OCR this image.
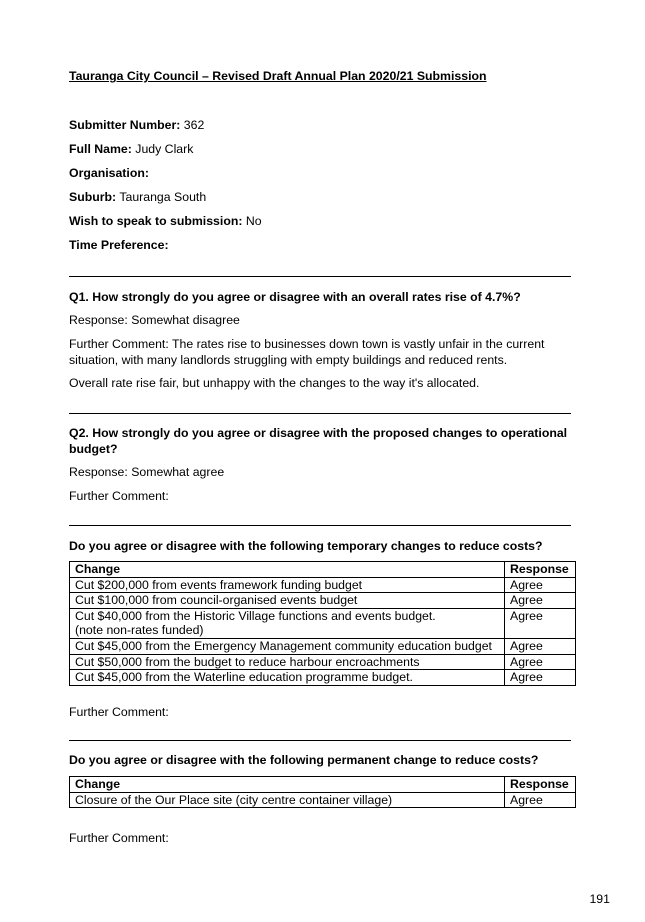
Tauranga City Council – Revised Draft Annual Plan 2020/21 Submission
Submitter Number: 362
Full Name: Judy Clark
Organisation:
Suburb: Tauranga South
Wish to speak to submission: No
Time Preference:
Q1. How strongly do you agree or disagree with an overall rates rise of 4.7%?
Response: Somewhat disagree
Further Comment: The rates rise to businesses down town is vastly unfair in the current situation, with many landlords struggling with empty buildings and reduced rents.
Overall rate rise fair, but unhappy with the changes to the way it's allocated.
Q2. How strongly do you agree or disagree with the proposed changes to operational budget?
Response: Somewhat agree
Further Comment:
Do you agree or disagree with the following temporary changes to reduce costs?
Change	Response
Cut $200,000 from events framework funding budget	Agree
Cut $100,000 from council-organised events budget	Agree
Cut $40,000 from the Historic Village functions and events budget.
(note non-rates funded)	Agree
Cut $45,000 from the Emergency Management community education budget	Agree
Cut $50,000 from the budget to reduce harbour encroachments	Agree
Cut $45,000 from the Waterline education programme budget.	Agree
Further Comment:
Do you agree or disagree with the following permanent change to reduce costs?
Change	Response
Closure of the Our Place site (city centre container village)	Agree
Further Comment:
191
